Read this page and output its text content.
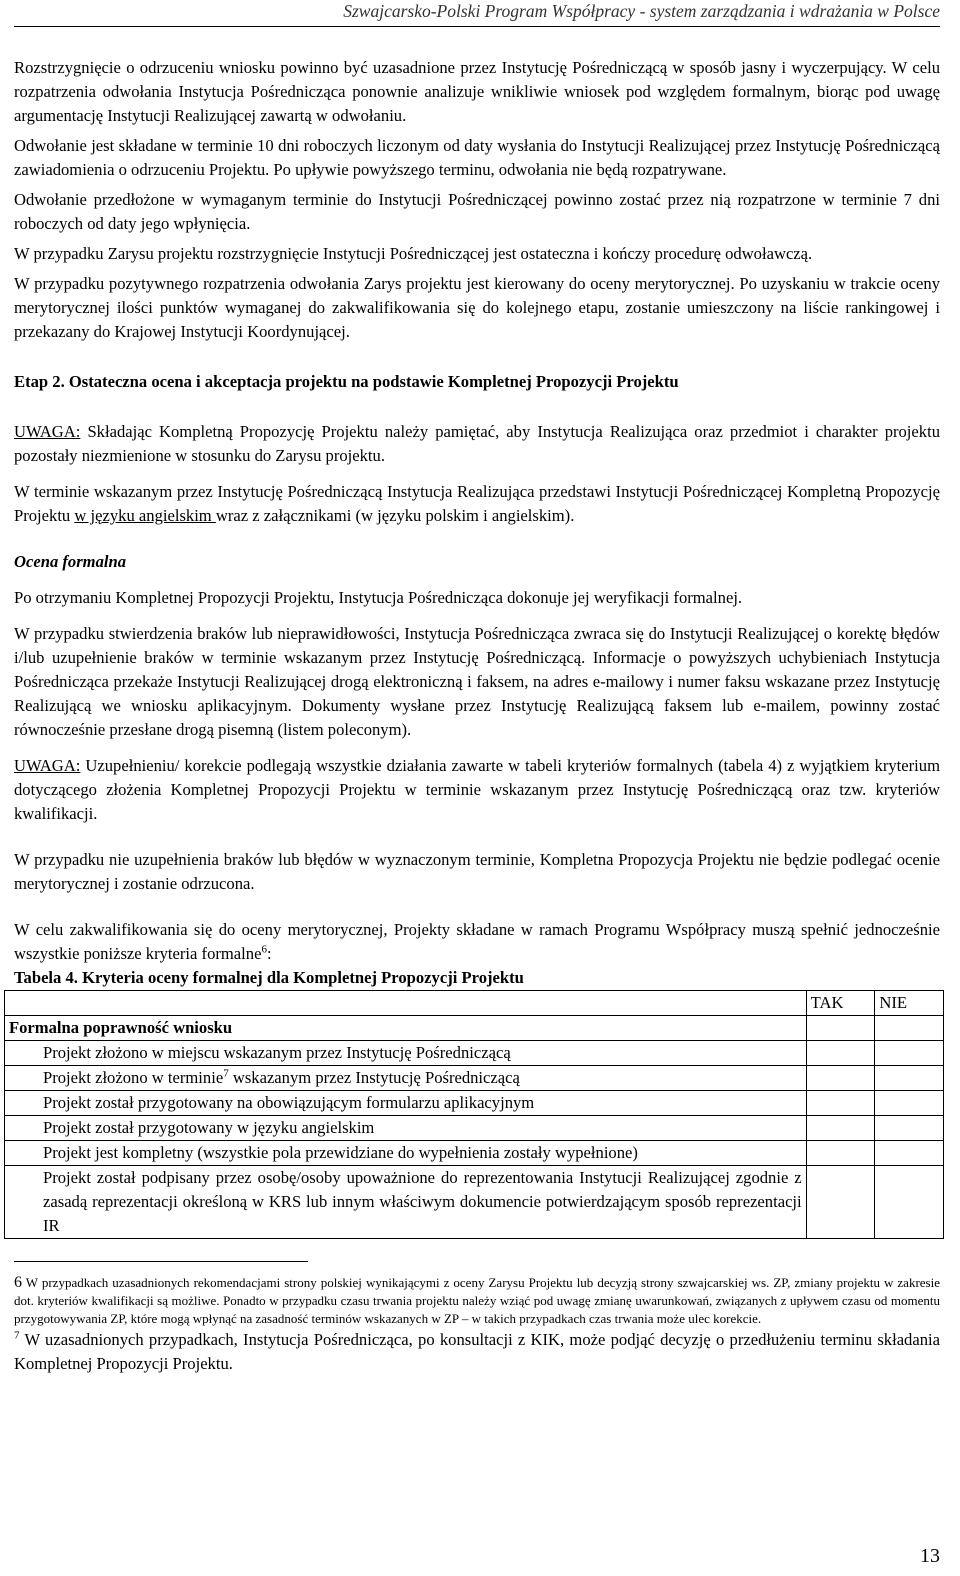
Szwajcarsko-Polski Program Współpracy - system zarządzania i wdrażania w Polsce

Rozstrzygnięcie o odrzuceniu wniosku powinno być uzasadnione przez Instytucję Pośredniczącą w sposób jasny i wyczerpujący. W celu rozpatrzenia odwołania Instytucja Pośrednicząca ponownie analizuje wnikliwie wniosek pod względem formalnym, biorąc pod uwagę argumentację Instytucji Realizującej zawartą w odwołaniu.

Odwołanie jest składane w terminie 10 dni roboczych liczonym od daty wysłania do Instytucji Realizującej przez Instytucję Pośredniczącą zawiadomienia o odrzuceniu Projektu. Po upływie powyższego terminu, odwołania nie będą rozpatrywane.

Odwołanie przedłożone w wymaganym terminie do Instytucji Pośredniczącej powinno zostać przez nią rozpatrzone w terminie 7 dni roboczych od daty jego wpłynięcia.

W przypadku Zarysu projektu rozstrzygnięcie Instytucji Pośredniczącej jest ostateczna i kończy procedurę odwoławczą.

W przypadku pozytywnego rozpatrzenia odwołania Zarys projektu jest kierowany do oceny merytorycznej. Po uzyskaniu w trakcie oceny merytorycznej ilości punktów wymaganej do zakwalifikowania się do kolejnego etapu, zostanie umieszczony na liście rankingowej i przekazany do Krajowej Instytucji Koordynującej.

Etap 2. Ostateczna ocena i akceptacja projektu na podstawie Kompletnej Propozycji Projektu

UWAGA: Składając Kompletną Propozycję Projektu należy pamiętać, aby Instytucja Realizująca oraz przedmiot i charakter projektu pozostały niezmienione w stosunku do Zarysu projektu.

W terminie wskazanym przez Instytucję Pośredniczącą Instytucja Realizująca przedstawi Instytucji Pośredniczącej Kompletną Propozycję Projektu w języku angielskim wraz z załącznikami (w języku polskim i angielskim).

Ocena formalna

Po otrzymaniu Kompletnej Propozycji Projektu, Instytucja Pośrednicząca dokonuje jej weryfikacji formalnej.

W przypadku stwierdzenia braków lub nieprawidłowości, Instytucja Pośrednicząca zwraca się do Instytucji Realizującej o korektę błędów i/lub uzupełnienie braków w terminie wskazanym przez Instytucję Pośredniczącą. Informacje o powyższych uchybieniach Instytucja Pośrednicząca przekaże Instytucji Realizującej drogą elektroniczną i faksem, na adres e-mailowy i numer faksu wskazane przez Instytucję Realizującą we wniosku aplikacyjnym. Dokumenty wysłane przez Instytucję Realizującą faksem lub e-mailem, powinny zostać równocześnie przesłane drogą pisemną (listem poleconym).

UWAGA: Uzupełnieniu/ korekcie podlegają wszystkie działania zawarte w tabeli kryteriów formalnych (tabela 4) z wyjątkiem kryterium dotyczącego złożenia Kompletnej Propozycji Projektu w terminie wskazanym przez Instytucję Pośredniczącą oraz tzw. kryteriów kwalifikacji.

W przypadku nie uzupełnienia braków lub błędów w wyznaczonym terminie, Kompletna Propozycja Projektu nie będzie podlegać ocenie merytorycznej i zostanie odrzucona.

W celu zakwalifikowania się do oceny merytorycznej, Projekty składane w ramach Programu Współpracy muszą spełnić jednocześnie wszystkie poniższe kryteria formalne$^6$:

Tabela 4. Kryteria oceny formalnej dla Kompletnej Propozycji Projektu

	TAK	NIE
Formalna poprawność wniosku		
Projekt złożono w miejscu wskazanym przez Instytucję Pośredniczącą		
Projekt złożono w terminie$^7$ wskazanym przez Instytucję Pośredniczącą		
Projekt został przygotowany na obowiązującym formularzu aplikacyjnym		
Projekt został przygotowany w języku angielskim		
Projekt jest kompletny (wszystkie pola przewidziane do wypełnienia zostały wypełnione)		
Projekt został podpisany przez osobę/osoby upoważnione do reprezentowania Instytucji Realizującej zgodnie z zasadą reprezentacji określoną w KRS lub innym właściwym dokumencie potwierdzającym sposób reprezentacji IR		

6 W przypadkach uzasadnionych rekomendacjami strony polskiej wynikającymi z oceny Zarysu Projektu lub decyzją strony szwajcarskiej ws. ZP, zmiany projektu w zakresie dot. kryteriów kwalifikacji są możliwe. Ponadto w przypadku czasu trwania projektu należy wziąć pod uwagę zmianę uwarunkowań, związanych z upływem czasu od momentu przygotowywania ZP, które mogą wpłynąć na zasadność terminów wskazanych w ZP – w takich przypadkach czas trwania może ulec korekcie.

$^7$ W uzasadnionych przypadkach, Instytucja Pośrednicząca, po konsultacji z KIK, może podjąć decyzję o przedłużeniu terminu składania Kompletnej Propozycji Projektu.

13
